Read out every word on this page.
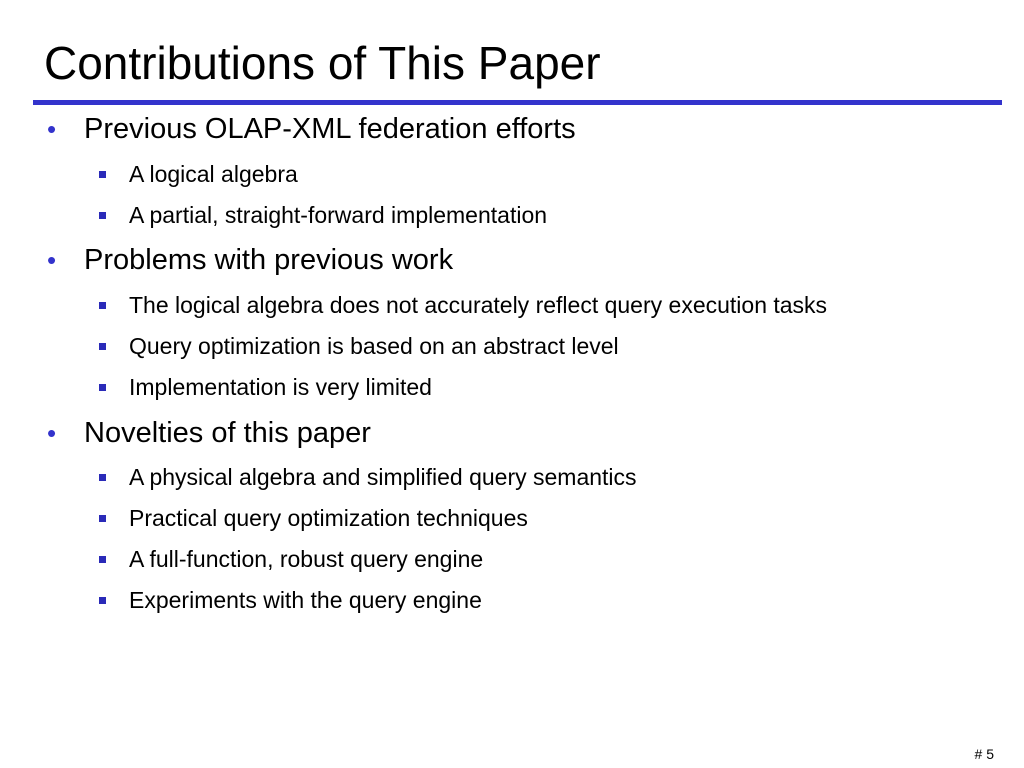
Contributions of This Paper
• Previous OLAP-XML federation efforts
A logical algebra
A partial, straight-forward implementation
• Problems with previous work
The logical algebra does not accurately reflect query execution tasks
Query optimization is based on an abstract level
Implementation is very limited
• Novelties of this paper
A physical algebra and simplified query semantics
Practical query optimization techniques
A full-function, robust query engine
Experiments with the query engine
# 5
